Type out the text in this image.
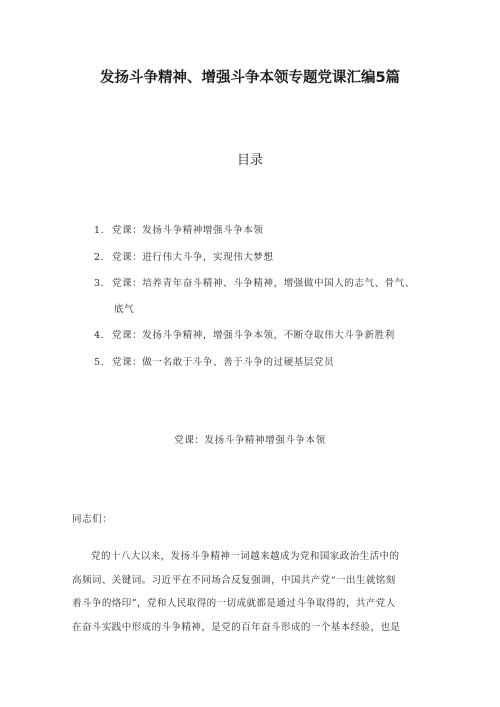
发扬斗争精神、增强斗争本领专题党课汇编5篇
目录
1. 党课：发扬斗争精神增强斗争本领
2. 党课：进行伟大斗争，实现伟大梦想
3. 党课：培养青年奋斗精神、斗争精神，增强做中国人的志气、骨气、
底气
4. 党课：发扬斗争精神，增强斗争本领，不断夺取伟大斗争新胜利
5. 党课：做一名敢于斗争、善于斗争的过硬基层党员
党课：发扬斗争精神增强斗争本领
同志们：
党的十八大以来，发扬斗争精神一词越来越成为党和国家政治生活中的
高频词、关键词。习近平在不同场合反复强调，中国共产党“一出生就铭刻
着斗争的烙印”，党和人民取得的一切成就都是通过斗争取得的，共产党人
在奋斗实践中形成的斗争精神，是党的百年奋斗形成的一个基本经验，也是
